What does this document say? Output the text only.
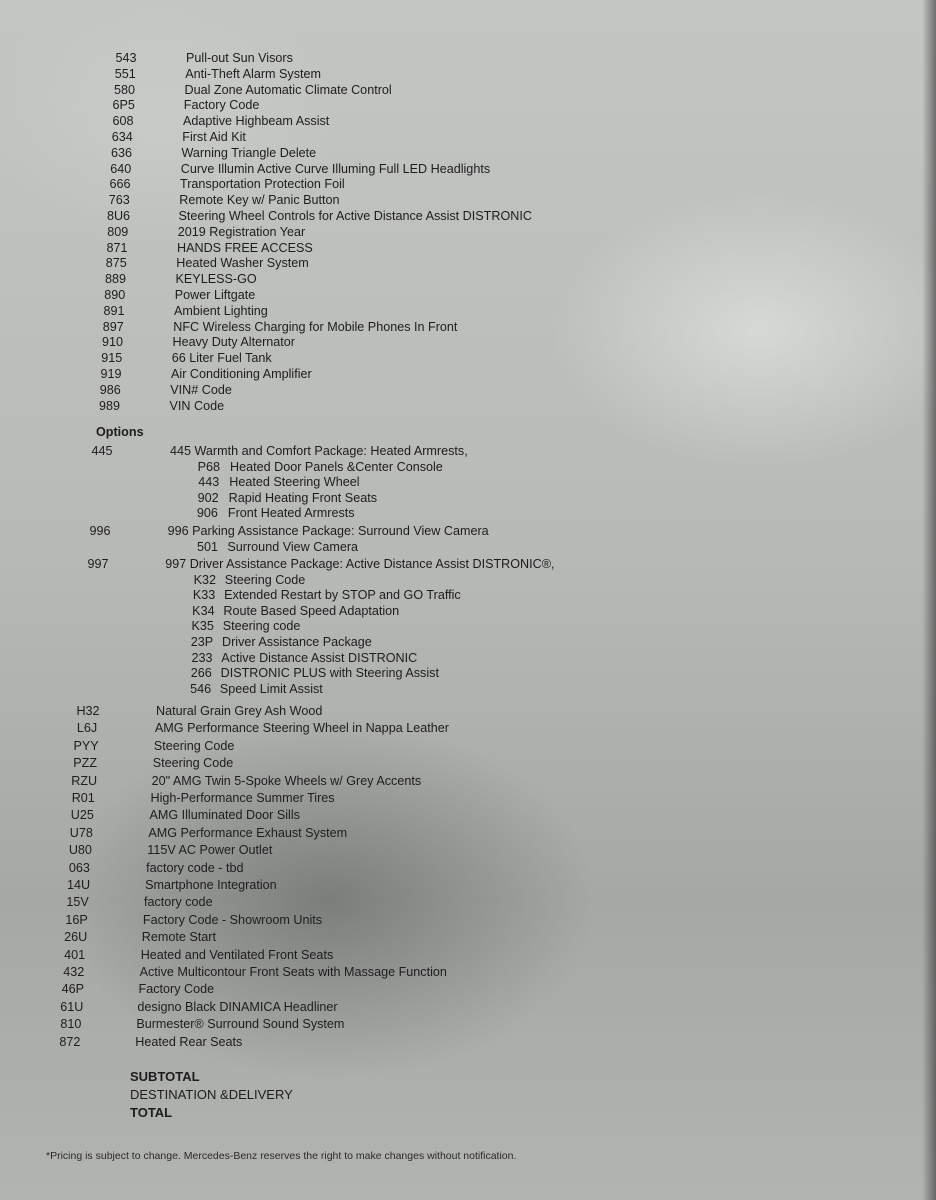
543	Pull-out Sun Visors
551	Anti-Theft Alarm System
580	Dual Zone Automatic Climate Control
6P5	Factory Code
608	Adaptive Highbeam Assist
634	First Aid Kit
636	Warning Triangle Delete
640	Curve Illumin Active Curve Illuming Full LED Headlights
666	Transportation Protection Foil
763	Remote Key w/ Panic Button
8U6	Steering Wheel Controls for Active Distance Assist DISTRONIC
809	2019 Registration Year
871	HANDS FREE ACCESS
875	Heated Washer System
889	KEYLESS-GO
890	Power Liftgate
891	Ambient Lighting
897	NFC Wireless Charging for Mobile Phones In Front
910	Heavy Duty Alternator
915	66 Liter Fuel Tank
919	Air Conditioning Amplifier
986	VIN# Code
989	VIN Code
Options
445	445 Warmth and Comfort Package: Heated Armrests,
P68 Heated Door Panels &Center Console
443 Heated Steering Wheel
902 Rapid Heating Front Seats
906 Front Heated Armrests
996	996 Parking Assistance Package: Surround View Camera
501 Surround View Camera
997	997 Driver Assistance Package: Active Distance Assist DISTRONIC®,
K32 Steering Code
K33 Extended Restart by STOP and GO Traffic
K34 Route Based Speed Adaptation
K35 Steering code
23P Driver Assistance Package
233 Active Distance Assist DISTRONIC
266 DISTRONIC PLUS with Steering Assist
546 Speed Limit Assist
H32	Natural Grain Grey Ash Wood
L6J	AMG Performance Steering Wheel in Nappa Leather
PYY	Steering Code
PZZ	Steering Code
RZU	20" AMG Twin 5-Spoke Wheels w/ Grey Accents
R01	High-Performance Summer Tires
U25	AMG Illuminated Door Sills
U78	AMG Performance Exhaust System
U80	115V AC Power Outlet
063	factory code - tbd
14U	Smartphone Integration
15V	factory code
16P	Factory Code - Showroom Units
26U	Remote Start
401	Heated and Ventilated Front Seats
432	Active Multicontour Front Seats with Massage Function
46P	Factory Code
61U	designo Black DINAMICA Headliner
810	Burmester® Surround Sound System
872	Heated Rear Seats
SUBTOTAL
DESTINATION &DELIVERY
TOTAL
*Pricing is subject to change. Mercedes-Benz reserves the right to make changes without notification.
